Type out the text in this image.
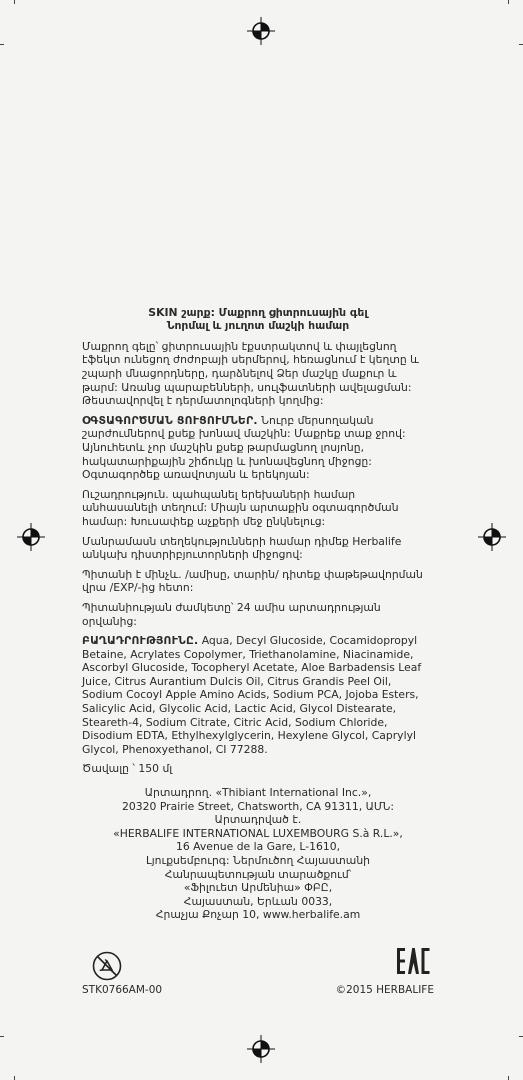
SKIN շարք: Մաքրող ցիտրուսային գել
Նորմալ և յուղոտ մաշկի համար

Մաքրող գելը՝ ցիտրուսային էքստրակտով և փայլեցնող էֆեկտ ունեցող ժոժոբայի սերմերով, հեռացնում է կեղտը և շպարի մնացորդները, դարձնելով Ձեր մաշկը մաքուր և թարմ: Առանց պարաբենների, սուլֆատների ավելացման: Թեստավորվել է դերմատոլոգների կողմից:

ՕԳՏԱԳՈՐԾՄԱՆ ՑՈՒՑՈՒՄՆԵՐ. Նուրբ մերսողական շարժումներով քսեք խոնավ մաշկին: Մաքրեք տաք ջրով: Այնուհետև չոր մաշկին քսեք թարմացնող լոսյոնը, հակատարիքային շիճուկը և խոնավեցնող միջոցը: Օգտագործեք առավոտյան և երեկոյան:

Ուշադրություն. պահպանել երեխաների համար անհասանելի տեղում: Միայն արտաքին օգտագործման համար: Խուսափեք աչքերի մեջ ընկնելուց:

Մանրամասն տեղեկությունների համար դիմեք Herbalife անկախ դիստրիբյուտորների միջոցով:

Պիտանի է մինչև. /ամիսը, տարին/ դիտեք փաթեթավորման վրա /EXP/-ից հետո:

Պիտանիության ժամկետը՝ 24 ամիս արտադրության օրվանից:

ԲԱՂԱԴՐՈՒԹՅՈՒՆԸ. Aqua, Decyl Glucoside, Cocamidopropyl Betaine, Acrylates Copolymer, Triethanolamine, Niacinamide, Ascorbyl Glucoside, Tocopheryl Acetate, Aloe Barbadensis Leaf Juice, Citrus Aurantium Dulcis Oil, Citrus Grandis Peel Oil, Sodium Cocoyl Apple Amino Acids, Sodium PCA, Jojoba Esters, Salicylic Acid, Glycolic Acid, Lactic Acid, Glycol Distearate, Steareth-4, Sodium Citrate, Citric Acid, Sodium Chloride, Disodium EDTA, Ethylhexylglycerin, Hexylene Glycol, Caprylyl Glycol, Phenoxyethanol, CI 77288.

Ծավալը ՝ 150 մլ

Արտադրող. «Thibiant International Inc.»,
20320 Prairie Street, Chatsworth, CA 91311, ԱՄՆ:
Արտադրված է.
«HERBALIFE INTERNATIONAL LUXEMBOURG S.à R.L.»,
16 Avenue de la Gare, L-1610,
Լյուքսեմբուրգ: Ներմուծող Հայաստանի
Հանրապետության տարածքում՝
«Ֆիլուետ Արմենիա» ՓԲԸ,
Հայաստան, Երևան 0033,
Հրաչյա Քոչար 10, www.herbalife.am
STK0766AM-00	©2015 HERBALIFE
